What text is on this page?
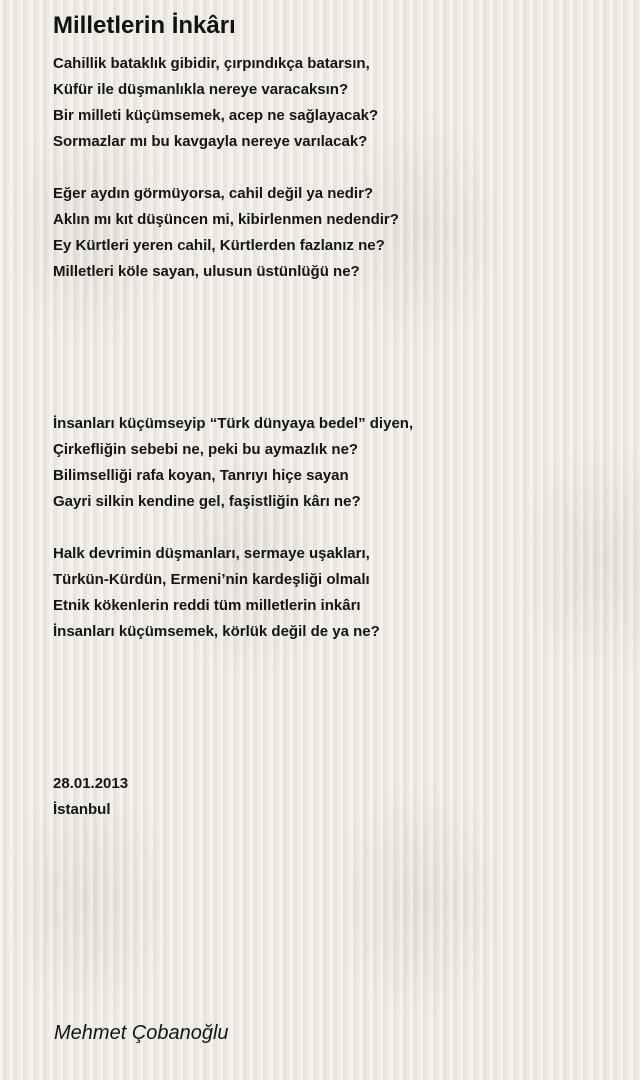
Milletlerin İnkârı
Cahillik bataklık gibidir, çırpındıkça batarsın,
Küfür ile düşmanlıkla nereye varacaksın?
Bir milleti küçümsemek, acep ne sağlayacak?
Sormazlar mı bu kavgayla nereye varılacak?
Eğer aydın görmüyorsa, cahil değil ya nedir?
Aklın mı kıt düşüncen mi, kibirlenmen nedendir?
Ey Kürtleri yeren cahil, Kürtlerden fazlanız ne?
Milletleri köle sayan, ulusun üstünlüğü ne?
İnsanları küçümseyip “Türk dünyaya bedel” diyen,
Çirkefliğin sebebi ne, peki bu aymazlık ne?
Bilimselliği rafa koyan, Tanrıyı hiçe sayan
Gayri silkin kendine gel, faşistliğin kârı ne?
Halk devrimin düşmanları, sermaye uşakları,
Türkün-Kürdün, Ermeni’nin kardeşliği olmalı
Etnik kökenlerin reddi tüm milletlerin inkârı
İnsanları küçümsemek, körlük değil de ya ne?
28.01.2013
İstanbul
Mehmet Çobanoğlu
